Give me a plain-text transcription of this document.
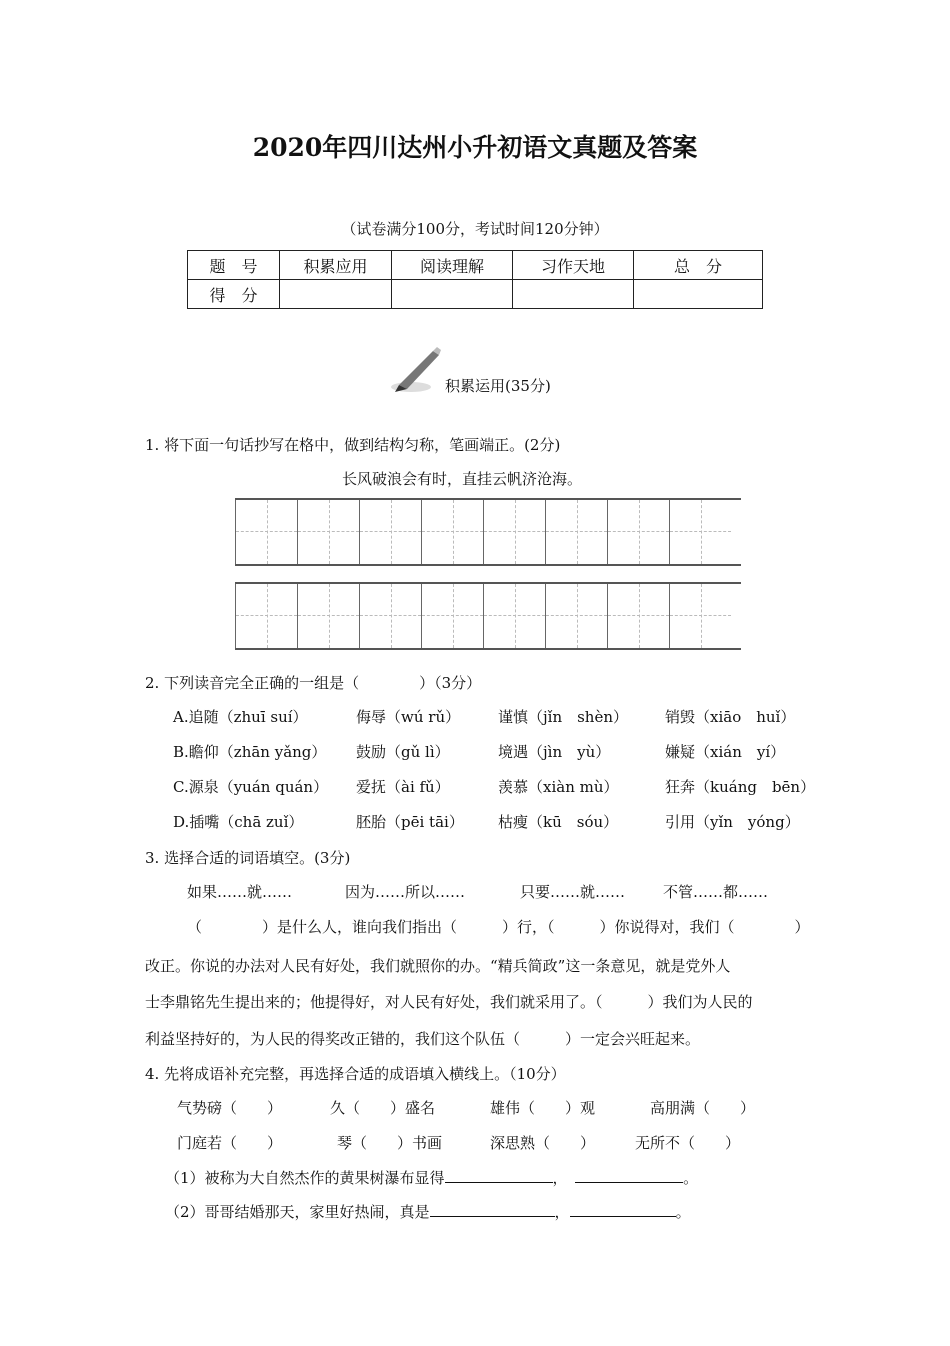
2020年四川达州小升初语文真题及答案
（试卷满分100分，考试时间120分钟）
题　号	积累应用	阅读理解	习作天地	总　分
得　分				
积累运用(35分)
1. 将下面一句话抄写在格中，做到结构匀称，笔画端正。(2分)
长风破浪会有时，直挂云帆济沧海。
2. 下列读音完全正确的一组是（　　　　）（3分）
3. 选择合适的词语填空。(3分)
如果……就……	因为……所以……	只要……就……	不管……都……
（　　　　）是什么人，谁向我们指出（　　　）行，（　　　）你说得对，我们（　　　　）
改正。你说的办法对人民有好处，我们就照你的办。“精兵简政”这一条意见，就是党外人
士李鼎铭先生提出来的；他提得好，对人民有好处，我们就采用了。（　　　）我们为人民的
利益坚持好的，为人民的得奖改正错的，我们这个队伍（　　　）一定会兴旺起来。
4. 先将成语补充完整，再选择合适的成语填入横线上。（10分）
气势磅（　　）	久（　　）盛名	雄伟（　　）观	高朋满（　　）
门庭若（　　）	琴（　　）书画	深思熟（　　）	无所不（　　）
（1）被称为大自然杰作的黄果树瀑布显得	，　	。
（2）哥哥结婚那天，家里好热闹，真是	，	。
A.追随（zhuī suí）	侮辱（wú rǔ）	谨慎（jǐn　shèn） 销毁（xiāo　huǐ）
B.瞻仰（zhān yǎng） 鼓励（gǔ lì）	境遇（jìn　yù）	嫌疑（xián　yí）
C.源泉（yuán quán） 爱抚（ài fǔ）	羡慕（xiàn mù）	狂奔（kuáng　bēn）
D.插嘴（chā zuǐ）	胚胎（pēi tāi） 枯瘦（kū　sóu）	引用（yǐn　yóng）
